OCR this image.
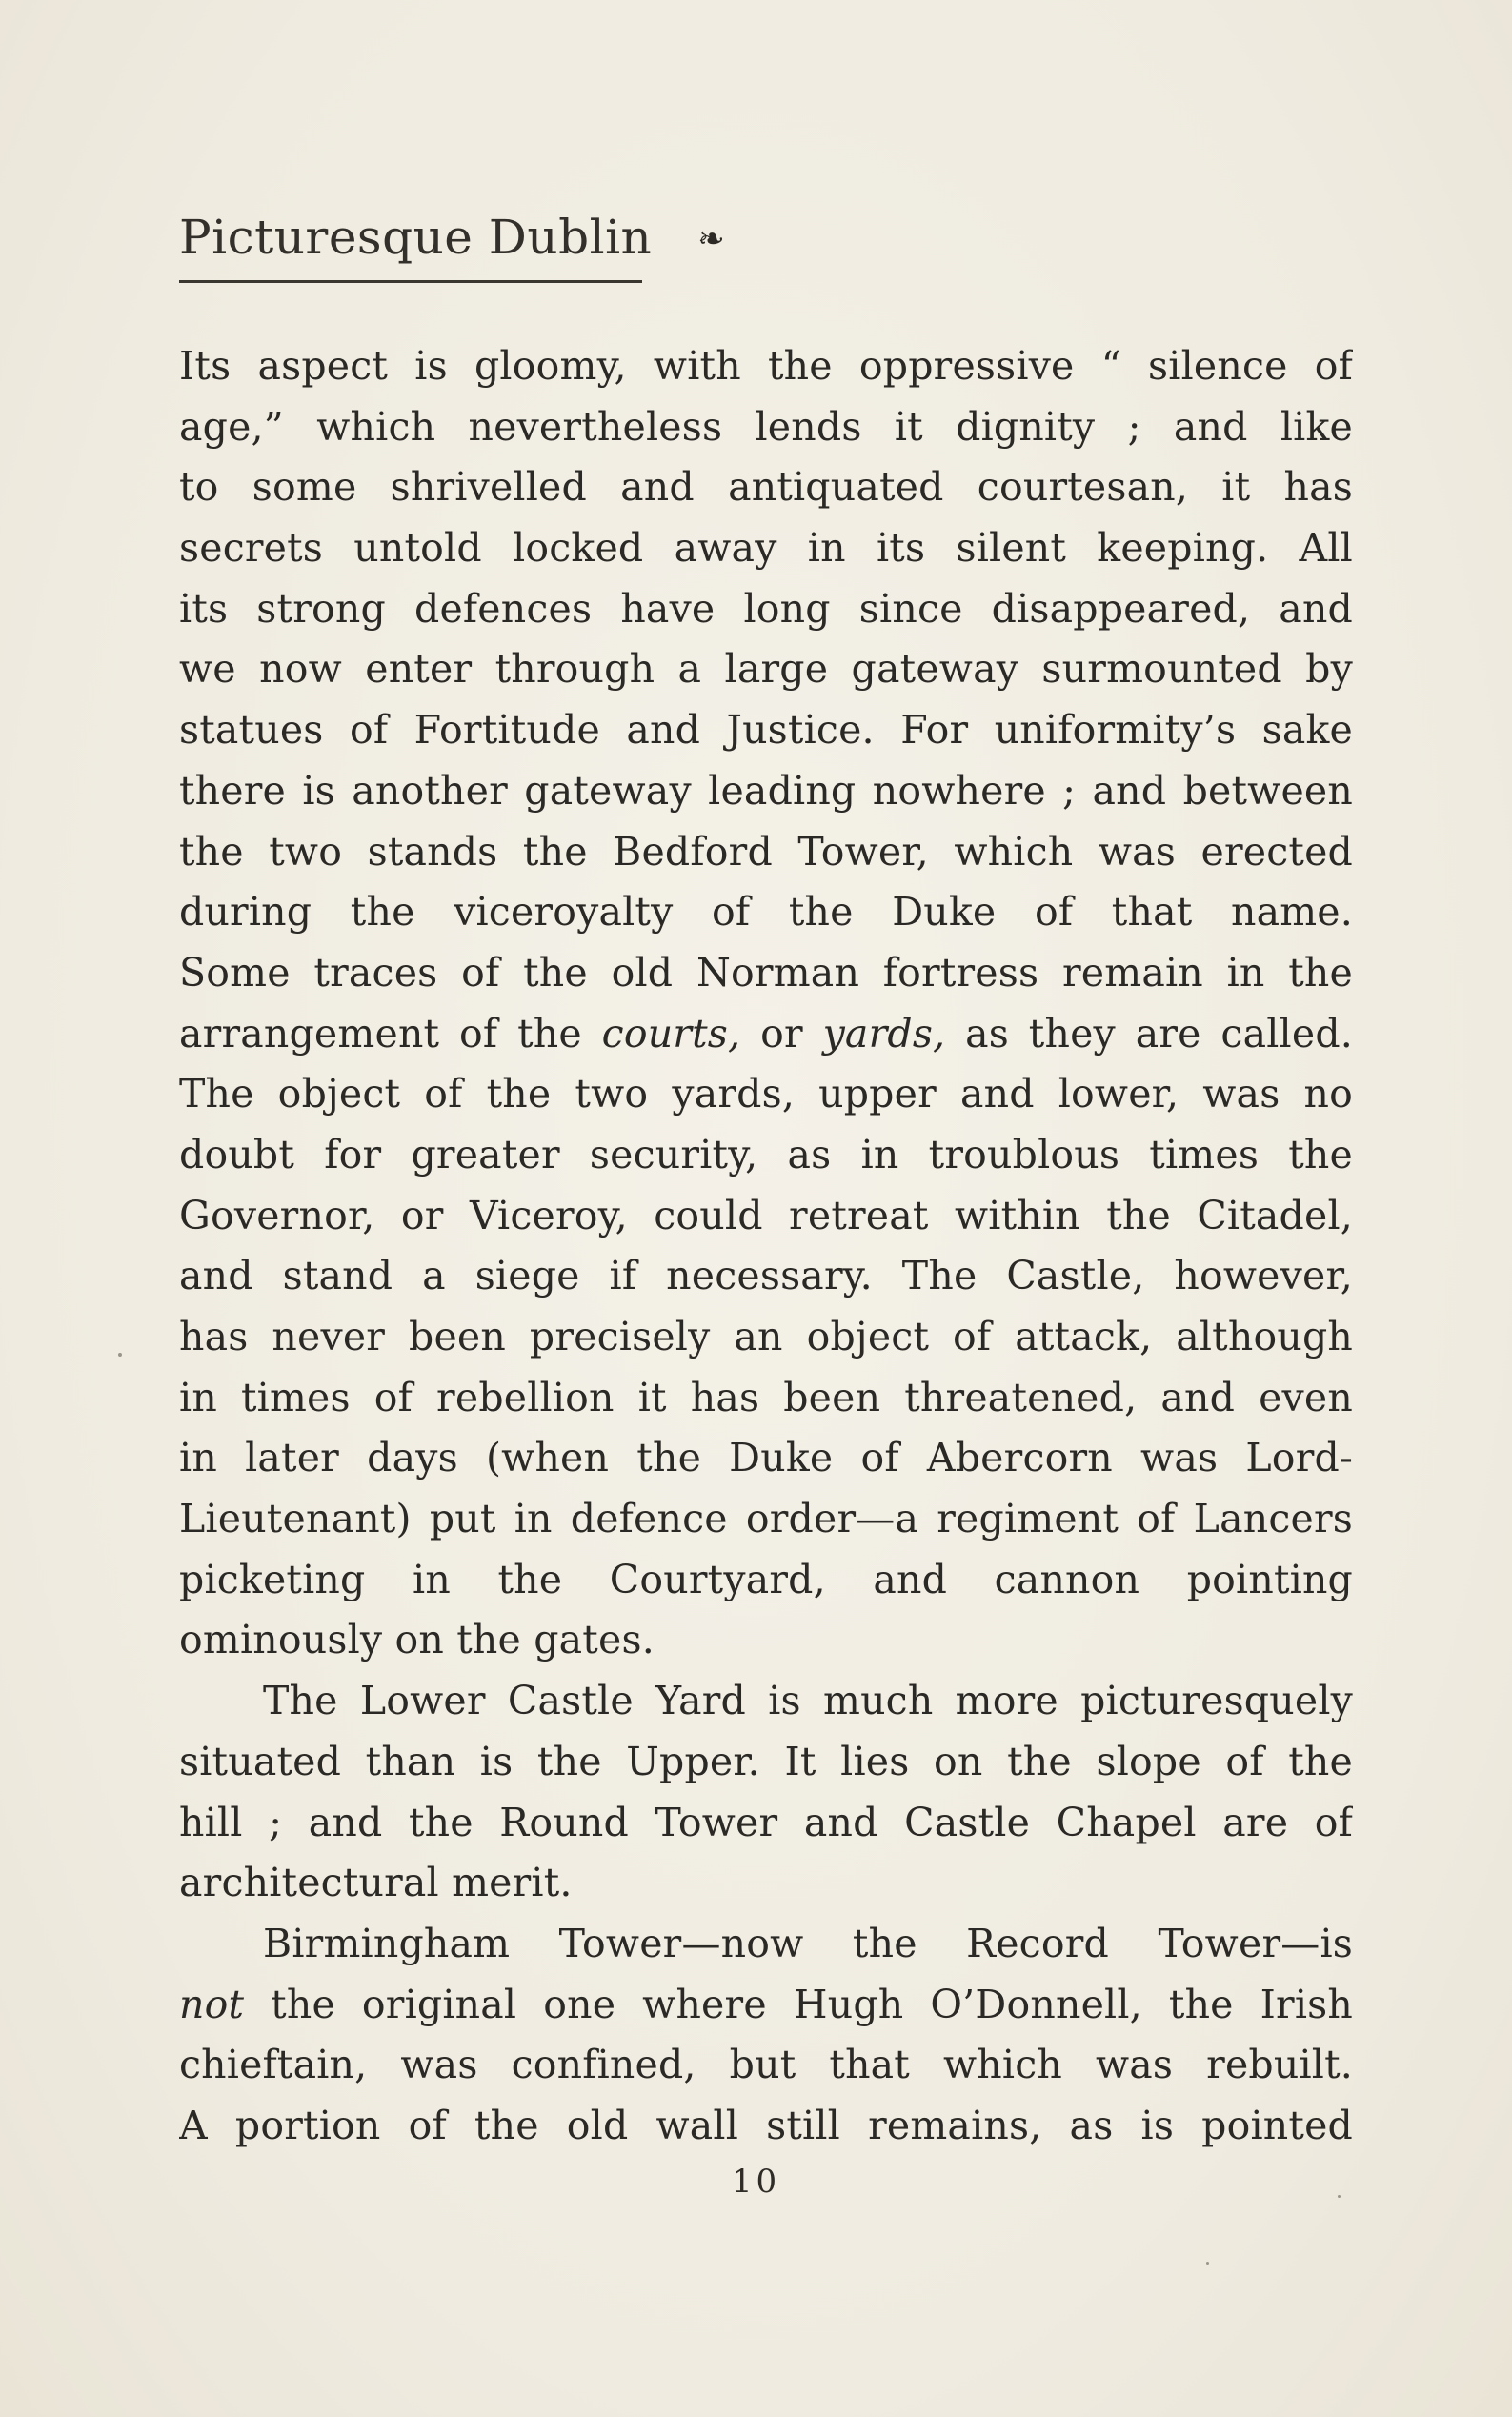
Picturesque Dublin ❧
Its aspect is gloomy, with the oppressive “ silence of
age,” which nevertheless lends it dignity ; and like
to some shrivelled and antiquated courtesan, it has
secrets untold locked away in its silent keeping. All
its strong defences have long since disappeared, and
we now enter through a large gateway surmounted by
statues of Fortitude and Justice. For uniformity’s sake
there is another gateway leading nowhere ; and between
the two stands the Bedford Tower, which was erected
during the viceroyalty of the Duke of that name.
Some traces of the old Norman fortress remain in the
arrangement of the courts, or yards, as they are called.
The object of the two yards, upper and lower, was no
doubt for greater security, as in troublous times the
Governor, or Viceroy, could retreat within the Citadel,
and stand a siege if necessary. The Castle, however,
has never been precisely an object of attack, although
in times of rebellion it has been threatened, and even
in later days (when the Duke of Abercorn was Lord-
Lieutenant) put in defence order—a regiment of Lancers
picketing in the Courtyard, and cannon pointing
ominously on the gates.
The Lower Castle Yard is much more picturesquely
situated than is the Upper. It lies on the slope of the
hill ; and the Round Tower and Castle Chapel are of
architectural merit.
Birmingham Tower—now the Record Tower—is
not the original one where Hugh O’Donnell, the Irish
chieftain, was confined, but that which was rebuilt.
A portion of the old wall still remains, as is pointed
10
